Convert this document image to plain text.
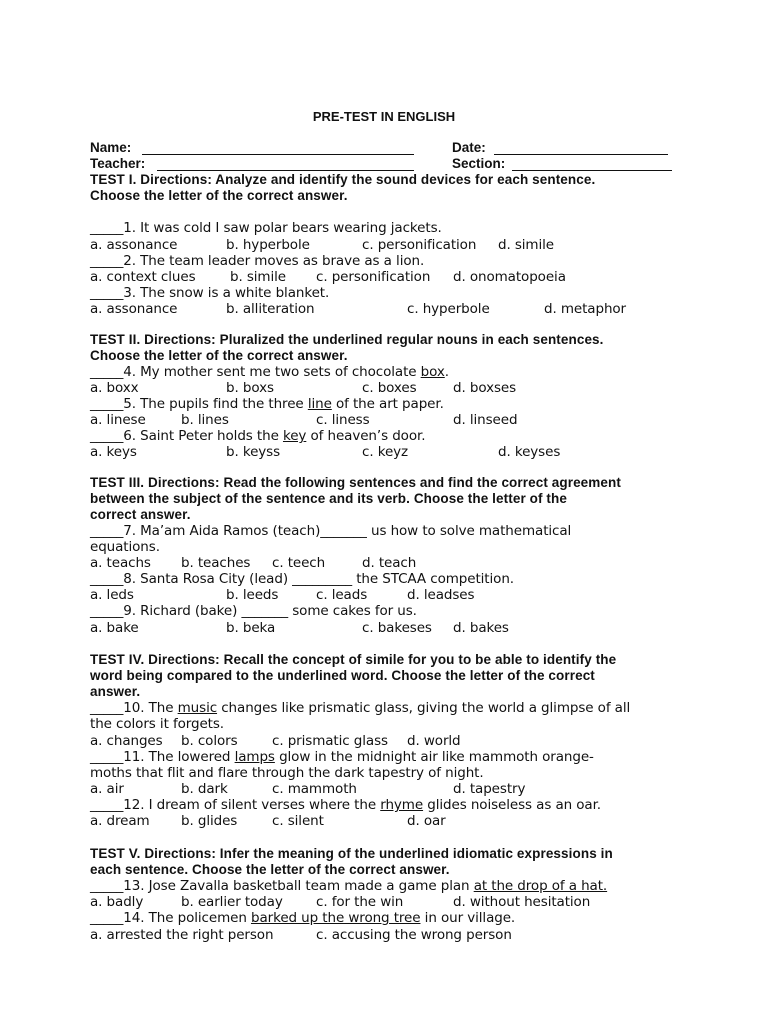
PRE-TEST IN ENGLISH
Name:	Date:
Teacher:	Section:
TEST I. Directions: Analyze and identify the sound devices for each sentence.
Choose the letter of the correct answer.
_____1. It was cold I saw polar bears wearing jackets.
a. assonance	b. hyperbole	c. personification d. simile
_____2. The team leader moves as brave as a lion.
a. context clues	b. simile c. personification d. onomatopoeia
_____3. The snow is a white blanket.
a. assonance	b. alliteration	c. hyperbole	d. metaphor
TEST II. Directions: Pluralized the underlined regular nouns in each sentences.
Choose the letter of the correct answer.
_____4. My mother sent me two sets of chocolate box.
a. boxx	b. boxs	c. boxes	d. boxses
_____5. The pupils find the three line of the art paper.
a. linese	b. lines	c. liness	d. linseed
_____6. Saint Peter holds the key of heaven’s door.
a. keys	b. keyss	c. keyz	d. keyses
TEST III. Directions: Read the following sentences and find the correct agreement
between the subject of the sentence and its verb. Choose the letter of the
correct answer.
_____7. Ma’am Aida Ramos (teach)_______ us how to solve mathematical
equations.
a. teachs b. teaches c. teech	d. teach
_____8. Santa Rosa City (lead) _________ the STCAA competition.
a. leds	b. leeds	c. leads	d. leadses
_____9. Richard (bake) _______ some cakes for us.
a. bake	b. beka	c. bakeses d. bakes
TEST IV. Directions: Recall the concept of simile for you to be able to identify the
word being compared to the underlined word. Choose the letter of the correct
answer.
_____10. The music changes like prismatic glass, giving the world a glimpse of all
the colors it forgets.
a. changes b. colors	c. prismatic glass d. world
_____11. The lowered lamps glow in the midnight air like mammoth orange-
moths that flit and flare through the dark tapestry of night.
a. air	b. dark	c. mammoth	d. tapestry
_____12. I dream of silent verses where the rhyme glides noiseless as an oar.
a. dream b. glides	c. silent	d. oar
TEST V. Directions: Infer the meaning of the underlined idiomatic expressions in
each sentence. Choose the letter of the correct answer.
_____13. Jose Zavalla basketball team made a game plan at the drop of a hat.
a. badly	b. earlier today c. for the win	d. without hesitation
_____14. The policemen barked up the wrong tree in our village.
a. arrested the right person	c. accusing the wrong person
